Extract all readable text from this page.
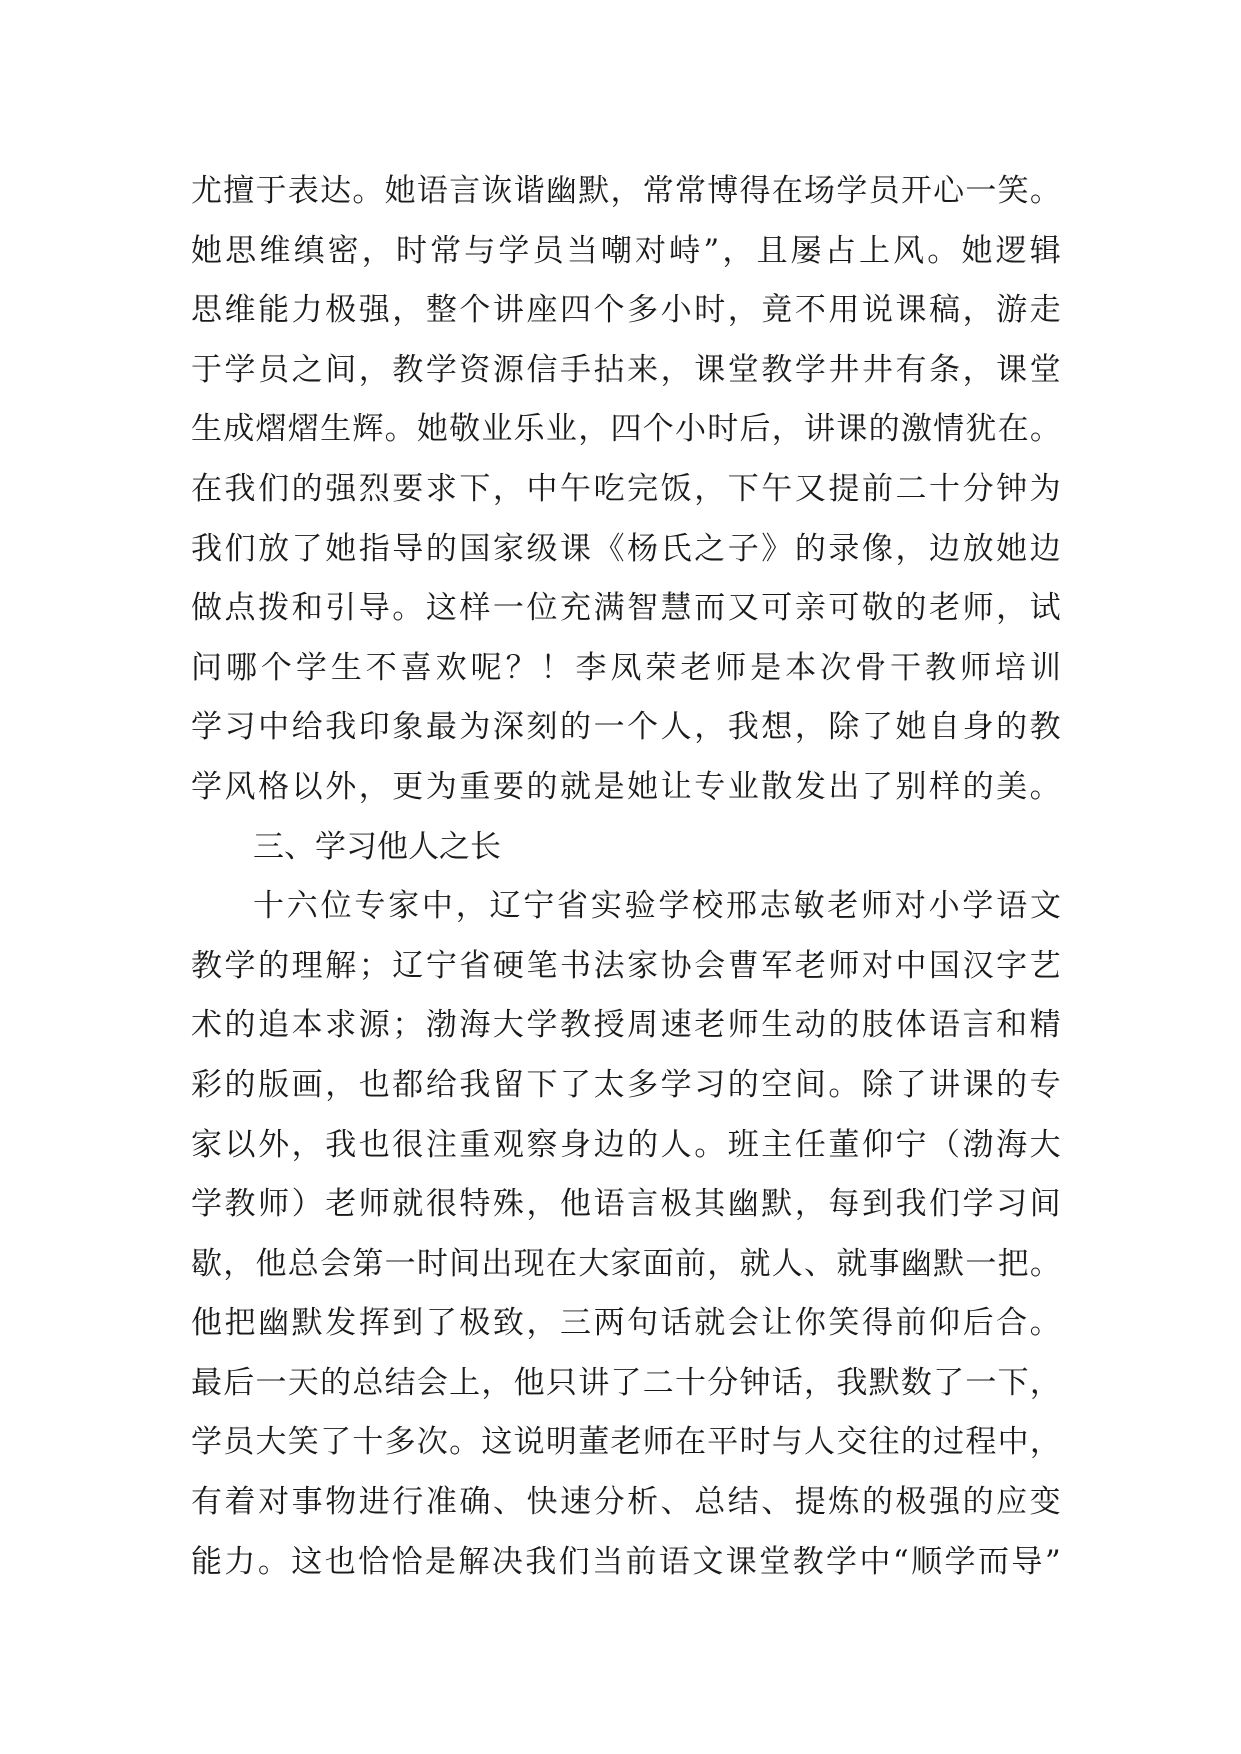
尤 擅 于 表 达 。 她 语 言 诙 谐 幽 默 ， 常 常 博 得 在 场 学 员 开 心 一 笑 。
她 思 维 缜 密 ， 时 常 与 学 员 当 嘲 对 峙 ” ， 且 屡 占 上 风 。 她 逻 辑
思 维 能 力 极 强 ， 整 个 讲 座 四 个 多 小 时 ， 竟 不 用 说 课 稿 ， 游 走
于 学 员 之 间 ， 教 学 资 源 信 手 拈 来 ， 课 堂 教 学 井 井 有 条 ， 课 堂
生 成 熠 熠 生 辉 。 她 敬 业 乐 业 ， 四 个 小 时 后 ， 讲 课 的 激 情 犹 在 。
在 我 们 的 强 烈 要 求 下 ， 中 午 吃 完 饭 ， 下 午 又 提 前 二 十 分 钟 为
我 们 放 了 她 指 导 的 国 家 级 课 《 杨 氏 之 子 》 的 录 像 ， 边 放 她 边
做 点 拨 和 引 导 。 这 样 一 位 充 满 智 慧 而 又 可 亲 可 敬 的 老 师 ， 试
问 哪 个 学 生 不 喜 欢 呢 ？ ！ 李 凤 荣 老 师 是 本 次 骨 干 教 师 培 训
学 习 中 给 我 印 象 最 为 深 刻 的 一 个 人 ， 我 想 ， 除 了 她 自 身 的 教
学 风 格 以 外 ， 更 为 重 要 的 就 是 她 让 专 业 散 发 出 了 别 样 的 美 。
三、学习他人之长
十 六 位 专 家 中 ， 辽 宁 省 实 验 学 校 邢 志 敏 老 师 对 小 学 语 文
教 学 的 理 解 ； 辽 宁 省 硬 笔 书 法 家 协 会 曹 军 老 师 对 中 国 汉 字 艺
术 的 追 本 求 源 ； 渤 海 大 学 教 授 周 速 老 师 生 动 的 肢 体 语 言 和 精
彩 的 版 画 ， 也 都 给 我 留 下 了 太 多 学 习 的 空 间 。 除 了 讲 课 的 专
家 以 外 ， 我 也 很 注 重 观 察 身 边 的 人 。 班 主 任 董 仰 宁 （ 渤 海 大
学 教 师 ） 老 师 就 很 特 殊 ， 他 语 言 极 其 幽 默 ， 每 到 我 们 学 习 间
歇 ， 他 总 会 第 一 时 间 出 现 在 大 家 面 前 ， 就 人 、 就 事 幽 默 一 把 。
他 把 幽 默 发 挥 到 了 极 致 ， 三 两 句 话 就 会 让 你 笑 得 前 仰 后 合 。
最 后 一 天 的 总 结 会 上 ， 他 只 讲 了 二 十 分 钟 话 ， 我 默 数 了 一 下 ，
学 员 大 笑 了 十 多 次 。 这 说 明 董 老 师 在 平 时 与 人 交 往 的 过 程 中 ，
有 着 对 事 物 进 行 准 确 、 快 速 分 析 、 总 结 、 提 炼 的 极 强 的 应 变
能 力 。 这 也 恰 恰 是 解 决 我 们 当 前 语 文 课 堂 教 学 中 “ 顺 学 而 导 ”
